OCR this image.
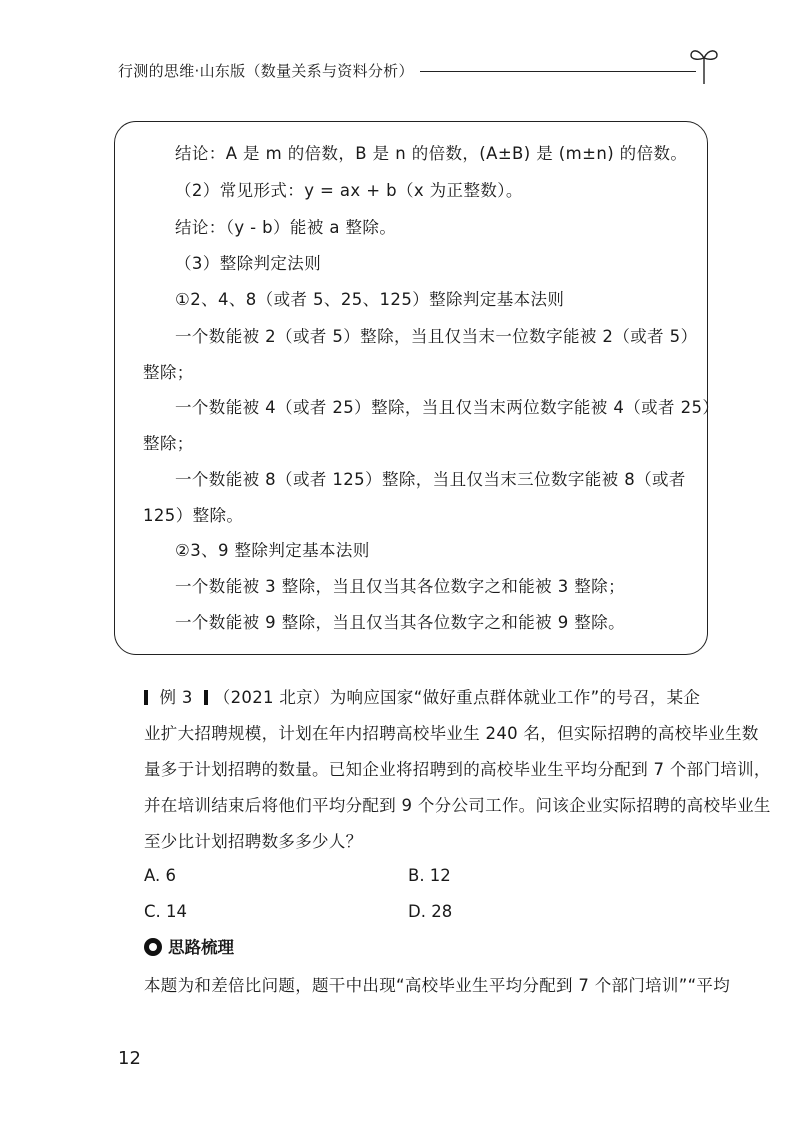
行测的思维·山东版（数量关系与资料分析）
结论：A 是 m 的倍数，B 是 n 的倍数，(A±B) 是 (m±n) 的倍数。
（2）常见形式：y = ax + b（x 为正整数）。
结论：（y - b）能被 a 整除。
（3）整除判定法则
①2、4、8（或者 5、25、125）整除判定基本法则
一个数能被 2（或者 5）整除，当且仅当末一位数字能被 2（或者 5）
整除；
一个数能被 4（或者 25）整除，当且仅当末两位数字能被 4（或者 25）
整除；
一个数能被 8（或者 125）整除，当且仅当末三位数字能被 8（或者
125）整除。
②3、9 整除判定基本法则
一个数能被 3 整除，当且仅当其各位数字之和能被 3 整除；
一个数能被 9 整除，当且仅当其各位数字之和能被 9 整除。
例 3 （2021 北京）为响应国家“做好重点群体就业工作”的号召，某企
业扩大招聘规模，计划在年内招聘高校毕业生 240 名，但实际招聘的高校毕业生数
量多于计划招聘的数量。已知企业将招聘到的高校毕业生平均分配到 7 个部门培训，
并在培训结束后将他们平均分配到 9 个分公司工作。问该企业实际招聘的高校毕业生
至少比计划招聘数多多少人？
A. 6	B. 12
C. 14	D. 28
思路梳理
本题为和差倍比问题，题干中出现“高校毕业生平均分配到 7 个部门培训”“平均
12
